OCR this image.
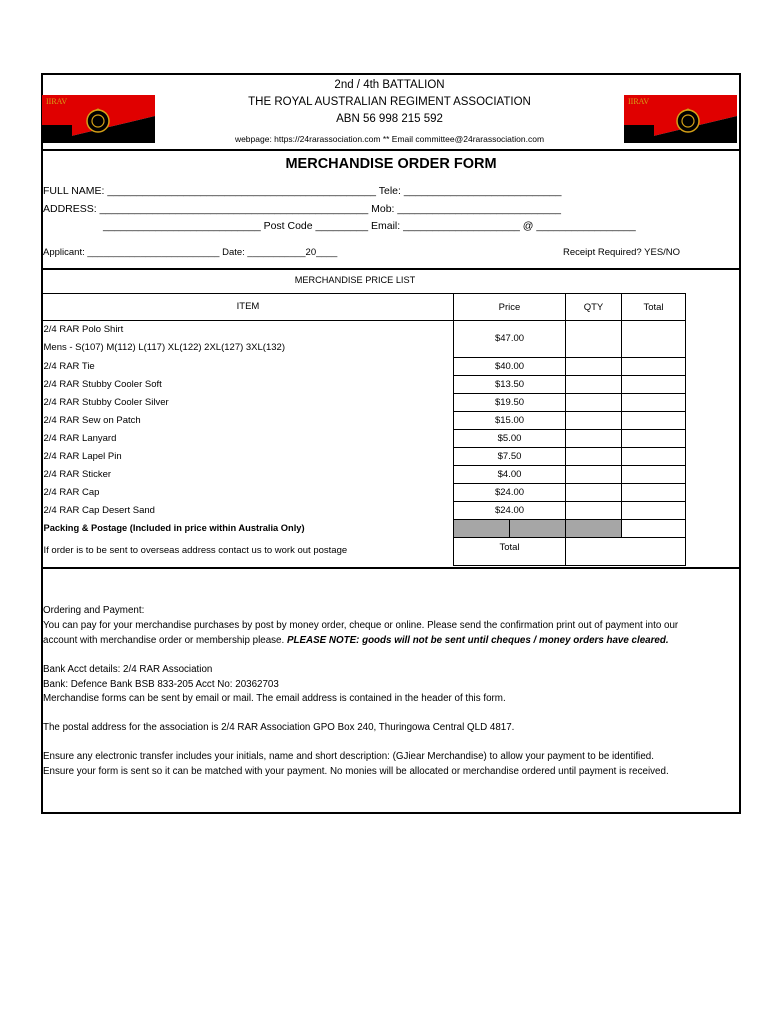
IIRAV	IIRAV
2nd / 4th BATTALION
THE ROYAL AUSTRALIAN REGIMENT ASSOCIATION
ABN 56 998 215 592
webpage: https://24rarassociation.com ** Email committee@24rarassociation.com
MERCHANDISE ORDER FORM
FULL NAME: ______________________________________________ Tele: ___________________________
ADDRESS: ______________________________________________ Mob: ____________________________
___________________________ Post Code _________ Email: ____________________ @ _________________
Applicant: _________________________ Date: ___________20____	Receipt Required? YES/NO
MERCHANDISE PRICE LIST
ITEM	Price	QTY	Total

2/4 RAR Polo Shirt
Mens - S(107) M(112) L(117) XL(122) 2XL(127) 3XL(132)	$47.00		
2/4 RAR Tie	$40.00		
2/4 RAR Stubby Cooler Soft	$13.50		
2/4 RAR Stubby Cooler Silver	$19.50		
2/4 RAR Sew on Patch	$15.00		
2/4 RAR Lanyard	$5.00		
2/4 RAR Lapel Pin	$7.50		
2/4 RAR Sticker	$4.00		
2/4 RAR Cap	$24.00		
2/4 RAR Cap Desert Sand	$24.00		
Packing & Postage (Included in price within Australia Only)	

If order is to be sent to overseas address contact us to work out postage	Total		
Ordering and Payment:
You can pay for your merchandise purchases by post by money order, cheque or online. Please send the confirmation print out of payment into our
account with merchandise order or membership please. PLEASE NOTE: goods will not be sent until cheques / money orders have cleared.
Bank Acct details: 2/4 RAR Association
Bank: Defence Bank BSB 833-205 Acct No: 20362703
Merchandise forms can be sent by email or mail. The email address is contained in the header of this form.
The postal address for the association is 2/4 RAR Association GPO Box 240, Thuringowa Central QLD 4817.
Ensure any electronic transfer includes your initials, name and short description: (GJiear Merchandise) to allow your payment to be identified.
Ensure your form is sent so it can be matched with your payment. No monies will be allocated or merchandise ordered until payment is received.
